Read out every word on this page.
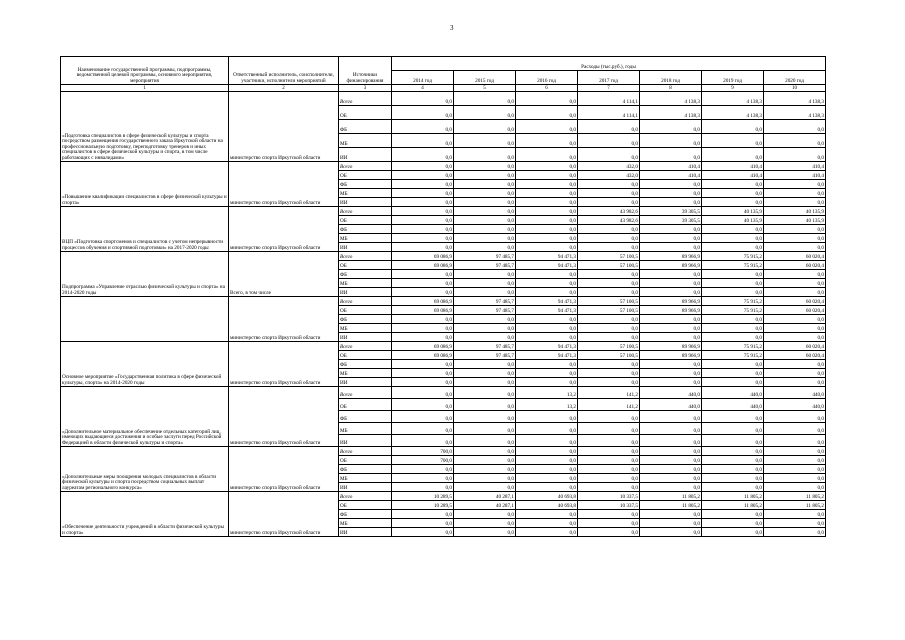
3
Наименование государственной программы, подпрограммы, ведомственной целевой программы, основного мероприятия, мероприятия	Ответственный исполнитель, соисполнители, участники, исполнители мероприятий	Источники финансирования	Расходы (тыс.руб.), годы						
			2014 год	2015 год	2016 год	2017 год	2018 год	2019 год	2020 год
1	2	3	4	5	6	7	8	9	10
«Подготовка специалистов в сфере физической культуры и спорта посредством размещения государственного заказа Иркутской области на профессиональную подготовку, переподготовку тренеров и иных специалистов в сфере физической культуры и спорта, в том числе работающих с инвалидами»	министерство спорта Иркутской области	Всего	0,0	0,0	0,0	4 114,1	4 138,3	4 138,3	4 138,3
		ОБ	0,0	0,0	0,0	4 114,1	4 138,3	4 138,3	4 138,3
		ФБ	0,0	0,0	0,0	0,0	0,0	0,0	0,0
		МБ	0,0	0,0	0,0	0,0	0,0	0,0	0,0
		ИИ	0,0	0,0	0,0	0,0	0,0	0,0	0,0
«Повышение квалификации специалистов в сфере физической культуры и спорта»	министерство спорта Иркутской области	Всего	0,0	0,0	0,0	432,0	410,4	410,4	410,4
		ОБ	0,0	0,0	0,0	432,0	410,4	410,4	410,4
		ФБ	0,0	0,0	0,0	0,0	0,0	0,0	0,0
		МБ	0,0	0,0	0,0	0,0	0,0	0,0	0,0
		ИИ	0,0	0,0	0,0	0,0	0,0	0,0	0,0
ВЦП «Подготовка спортсменов и специалистов с учетом непрерывности процессов обучения и спортивной подготовки» на 2017-2020 годы	министерство спорта Иркутской области	Всего	0,0	0,0	0,0	43 982,6	39 305,5	40 135,9	40 135,9
		ОБ	0,0	0,0	0,0	43 982,6	39 305,5	40 135,9	40 135,9
		ФБ	0,0	0,0	0,0	0,0	0,0	0,0	0,0
		МБ	0,0	0,0	0,0	0,0	0,0	0,0	0,0
		ИИ	0,0	0,0	0,0	0,0	0,0	0,0	0,0
Подпрограмма «Управление отраслью физической культуры и спорта» на 2014-2020 годы	Всего, в том числе	Всего	69 086,9	97 485,7	94 471,3	57 100,5	89 966,9	75 915,2	60 020,4
		ОБ	69 086,9	97 485,7	94 471,3	57 100,5	89 966,9	75 915,2	60 020,4
		ФБ	0,0	0,0	0,0	0,0	0,0	0,0	0,0
		МБ	0,0	0,0	0,0	0,0	0,0	0,0	0,0
		ИИ	0,0	0,0	0,0	0,0	0,0	0,0	0,0
	министерство спорта Иркутской области	Всего	69 086,9	97 485,7	94 471,3	57 100,5	89 966,9	75 915,2	60 020,4
		ОБ	69 086,9	97 485,7	94 471,3	57 100,5	89 966,9	75 915,2	60 020,4
		ФБ	0,0	0,0	0,0	0,0	0,0	0,0	0,0
		МБ	0,0	0,0	0,0	0,0	0,0	0,0	0,0
		ИИ	0,0	0,0	0,0	0,0	0,0	0,0	0,0
Основное мероприятие «Государственная политика в сфере физической культуры, спорта» на 2014-2020 годы	министерство спорта Иркутской области	Всего	69 086,9	97 485,7	94 471,3	57 100,5	89 966,9	75 915,2	60 020,4
		ОБ	69 086,9	97 485,7	94 471,3	57 100,5	89 966,9	75 915,2	60 020,4
		ФБ	0,0	0,0	0,0	0,0	0,0	0,0	0,0
		МБ	0,0	0,0	0,0	0,0	0,0	0,0	0,0
		ИИ	0,0	0,0	0,0	0,0	0,0	0,0	0,0
«Дополнительное материальное обеспечение отдельных категорий лиц, имеющих выдающиеся достижения и особые заслуги перед Российской Федерацией в области физической культуры и спорта»	министерство спорта Иркутской области	Всего	0,0	0,0	13,2	141,2	440,0	440,0	440,0
		ОБ	0,0	0,0	13,2	141,2	440,0	440,0	440,0
		ФБ	0,0	0,0	0,0	0,0	0,0	0,0	0,0
		МБ	0,0	0,0	0,0	0,0	0,0	0,0	0,0
		ИИ	0,0	0,0	0,0	0,0	0,0	0,0	0,0
«Дополнительные меры поощрения молодых специалистов в области физической культуры и спорта посредством социальных выплат лауреатам регионального конкурса»	министерство спорта Иркутской области	Всего	700,0	0,0	0,0	0,0	0,0	0,0	0,0
		ОБ	700,0	0,0	0,0	0,0	0,0	0,0	0,0
		ФБ	0,0	0,0	0,0	0,0	0,0	0,0	0,0
		МБ	0,0	0,0	0,0	0,0	0,0	0,0	0,0
		ИИ	0,0	0,0	0,0	0,0	0,0	0,0	0,0
«Обеспечение деятельности учреждений в области физической культуры и спорта»	министерство спорта Иркутской области	Всего	10 289,5	40 287,1	40 693,8	10 337,5	11 805,2	11 805,2	11 805,2
		ОБ	10 289,5	40 287,1	40 693,8	10 337,5	11 805,2	11 805,2	11 805,2
		ФБ	0,0	0,0	0,0	0,0	0,0	0,0	0,0
		МБ	0,0	0,0	0,0	0,0	0,0	0,0	0,0
		ИИ	0,0	0,0	0,0	0,0	0,0	0,0	0,0
